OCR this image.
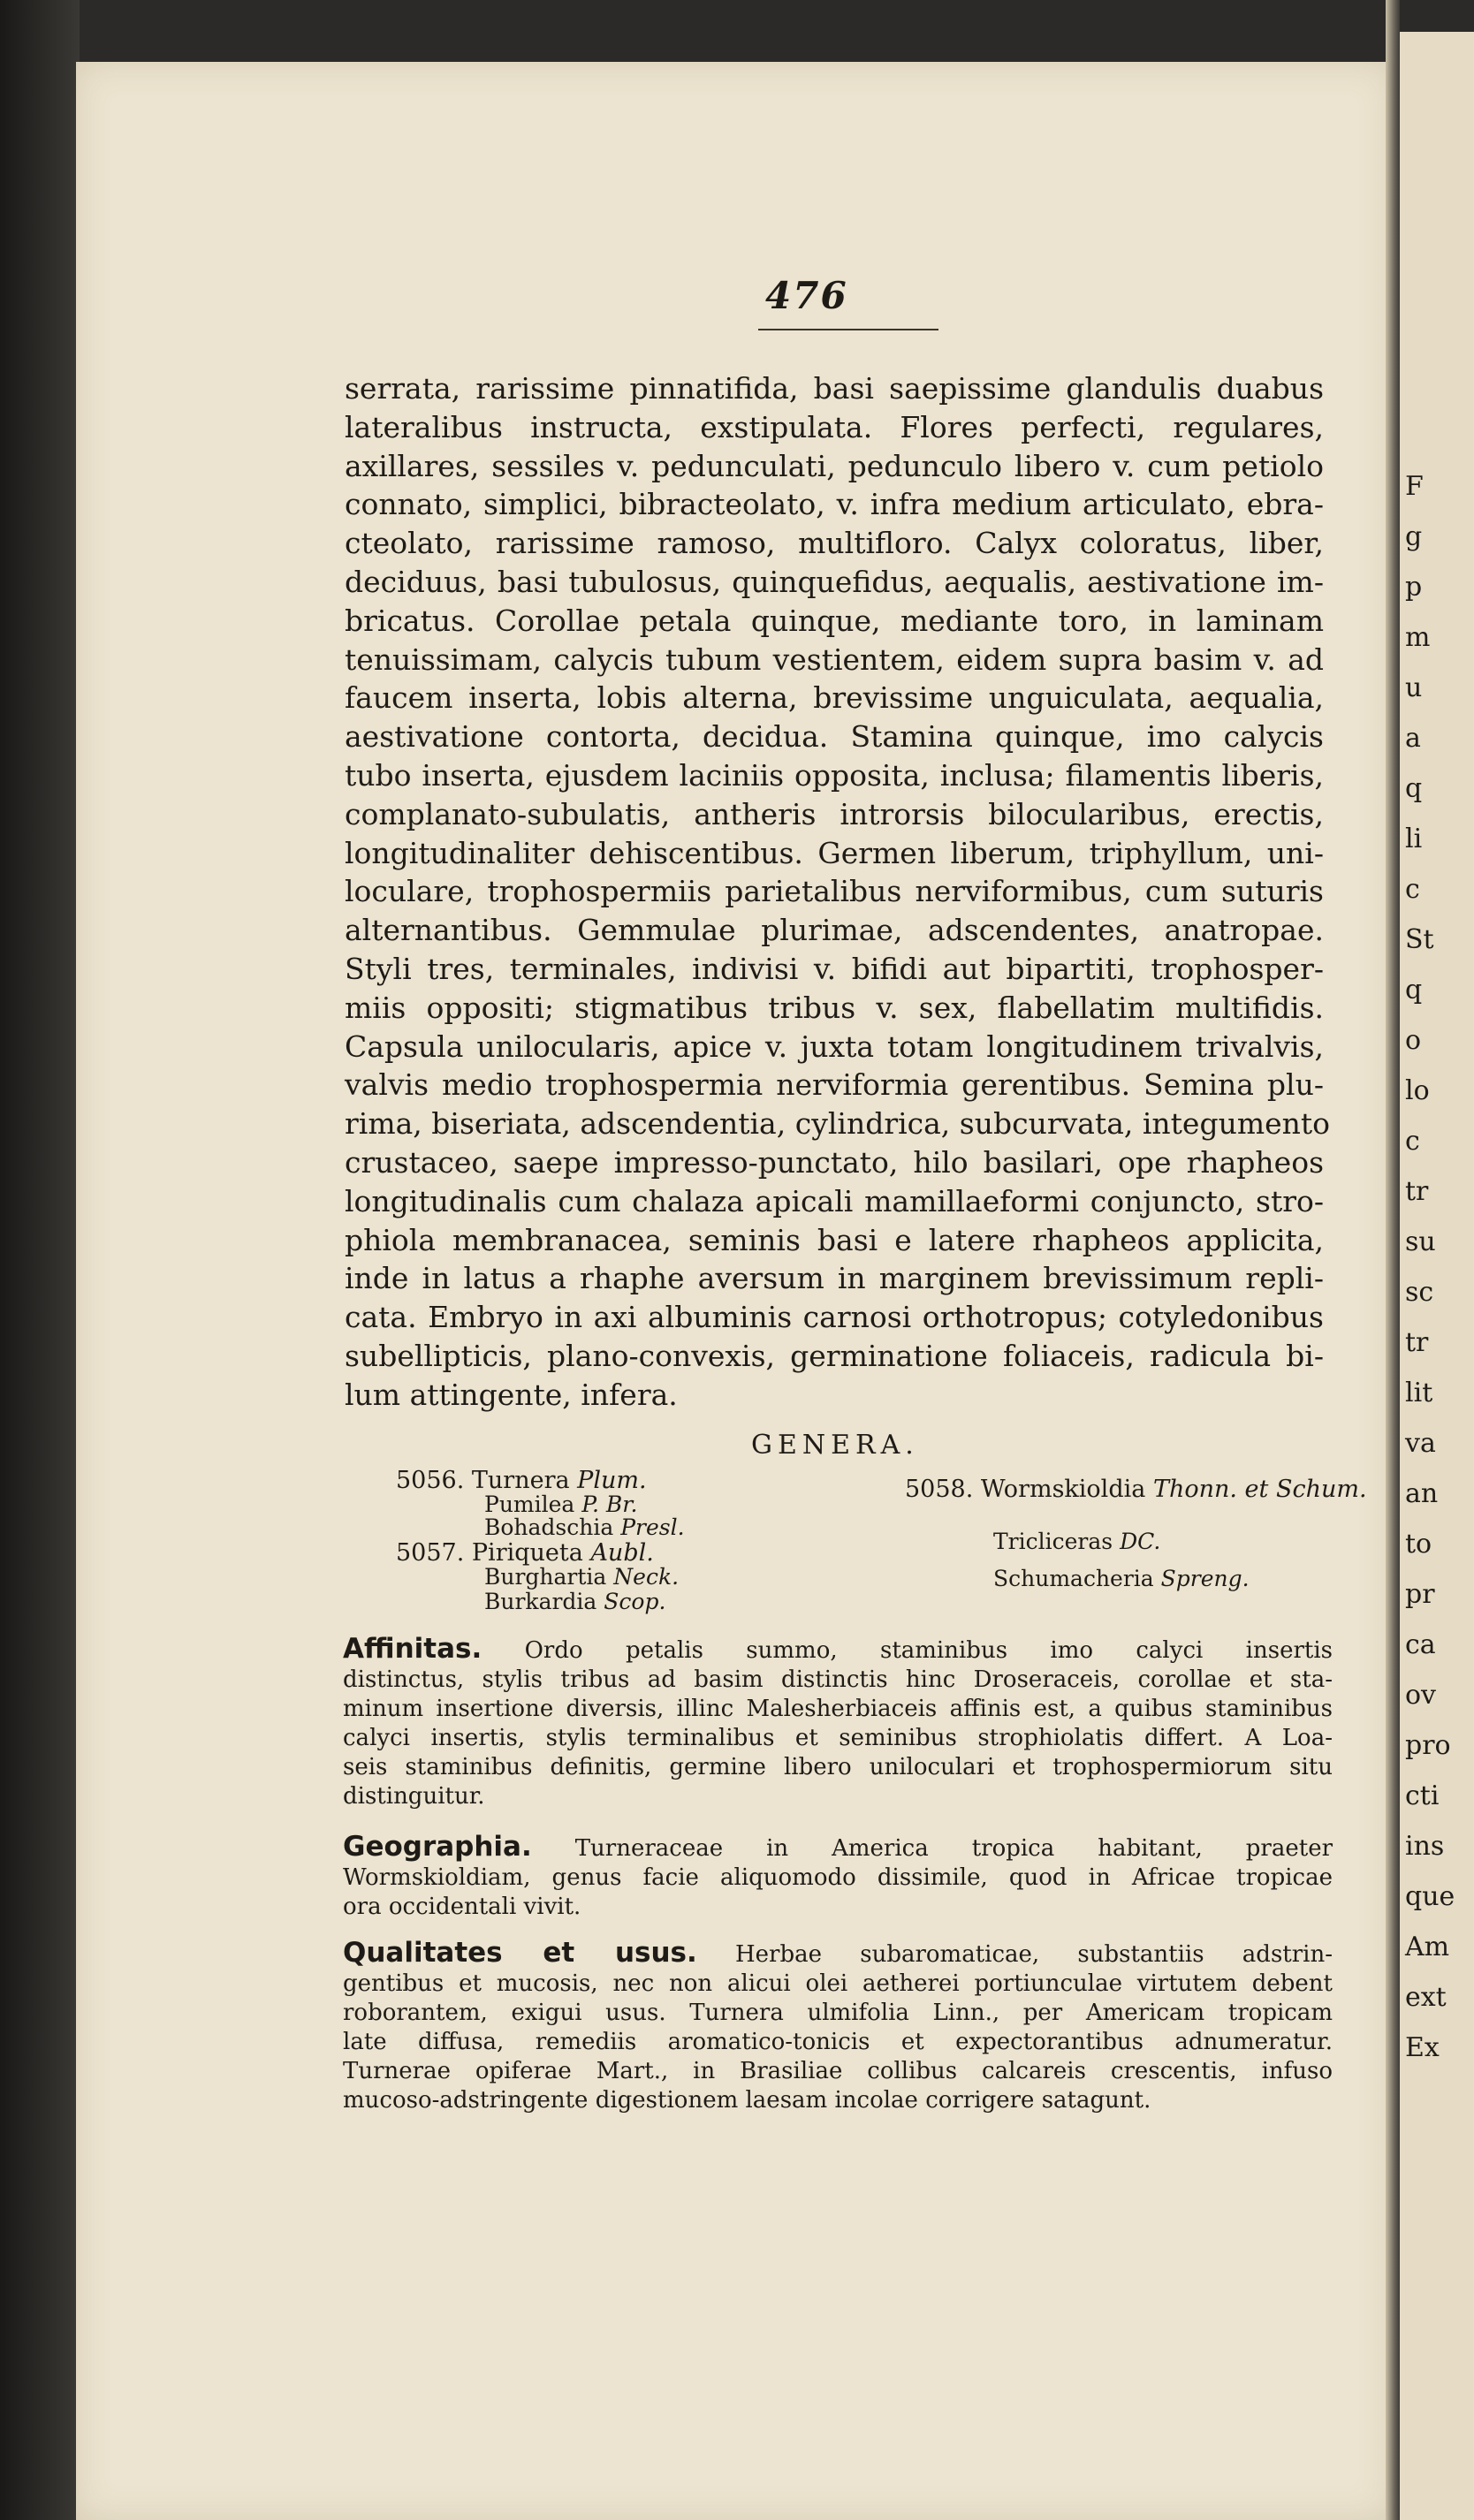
F
g
p
m
u
a
q
li
c
St
q
o
lo
c
tr
su
sc
tr
lit
va
an
to
pr
ca
ov
pro
cti
ins
que
Am
ext
Ex
476
serrata, rarissime pinnatifida, basi saepissime glandulis duabus
lateralibus instructa, exstipulata. Flores perfecti, regulares,
axillares, sessiles v. pedunculati, pedunculo libero v. cum petiolo
connato, simplici, bibracteolato, v. infra medium articulato, ebra-
cteolato, rarissime ramoso, multifloro. Calyx coloratus, liber,
deciduus, basi tubulosus, quinquefidus, aequalis, aestivatione im-
bricatus. Corollae petala quinque, mediante toro, in laminam
tenuissimam, calycis tubum vestientem, eidem supra basim v. ad
faucem inserta, lobis alterna, brevissime unguiculata, aequalia,
aestivatione contorta, decidua. Stamina quinque, imo calycis
tubo inserta, ejusdem laciniis opposita, inclusa; filamentis liberis,
complanato-subulatis, antheris introrsis bilocularibus, erectis,
longitudinaliter dehiscentibus. Germen liberum, triphyllum, uni-
loculare, trophospermiis parietalibus nerviformibus, cum suturis
alternantibus. Gemmulae plurimae, adscendentes, anatropae.
Styli tres, terminales, indivisi v. bifidi aut bipartiti, trophosper-
miis oppositi; stigmatibus tribus v. sex, flabellatim multifidis.
Capsula unilocularis, apice v. juxta totam longitudinem trivalvis,
valvis medio trophospermia nerviformia gerentibus. Semina plu-
rima, biseriata, adscendentia, cylindrica, subcurvata, integumento
crustaceo, saepe impresso-punctato, hilo basilari, ope rhapheos
longitudinalis cum chalaza apicali mamillaeformi conjuncto, stro-
phiola membranacea, seminis basi e latere rhapheos applicita,
inde in latus a rhaphe aversum in marginem brevissimum repli-
cata. Embryo in axi albuminis carnosi orthotropus; cotyledonibus
subellipticis, plano-convexis, germinatione foliaceis, radicula bi-
lum attingente, infera.
GENERA.
5056. Turnera Plum.
Pumilea P. Br.
Bohadschia Presl.
5057. Piriqueta Aubl.
Burghartia Neck.
Burkardia Scop.
5058. Wormskioldia Thonn. et Schum.
Tricliceras DC.
Schumacheria Spreng.
Affinitas. Ordo petalis summo, staminibus imo calyci insertis
distinctus, stylis tribus ad basim distinctis hinc Droseraceis, corollae et sta-
minum insertione diversis, illinc Malesherbiaceis affinis est, a quibus staminibus
calyci insertis, stylis terminalibus et seminibus strophiolatis differt. A Loa-
seis staminibus definitis, germine libero uniloculari et trophospermiorum situ
distinguitur.
Geographia. Turneraceae in America tropica habitant, praeter
Wormskioldiam, genus facie aliquomodo dissimile, quod in Africae tropicae
ora occidentali vivit.
Qualitates et usus. Herbae subaromaticae, substantiis adstrin-
gentibus et mucosis, nec non alicui olei aetherei portiunculae virtutem debent
roborantem, exigui usus. Turnera ulmifolia Linn., per Americam tropicam
late diffusa, remediis aromatico-tonicis et expectorantibus adnumeratur.
Turnerae opiferae Mart., in Brasiliae collibus calcareis crescentis, infuso
mucoso-adstringente digestionem laesam incolae corrigere satagunt.
